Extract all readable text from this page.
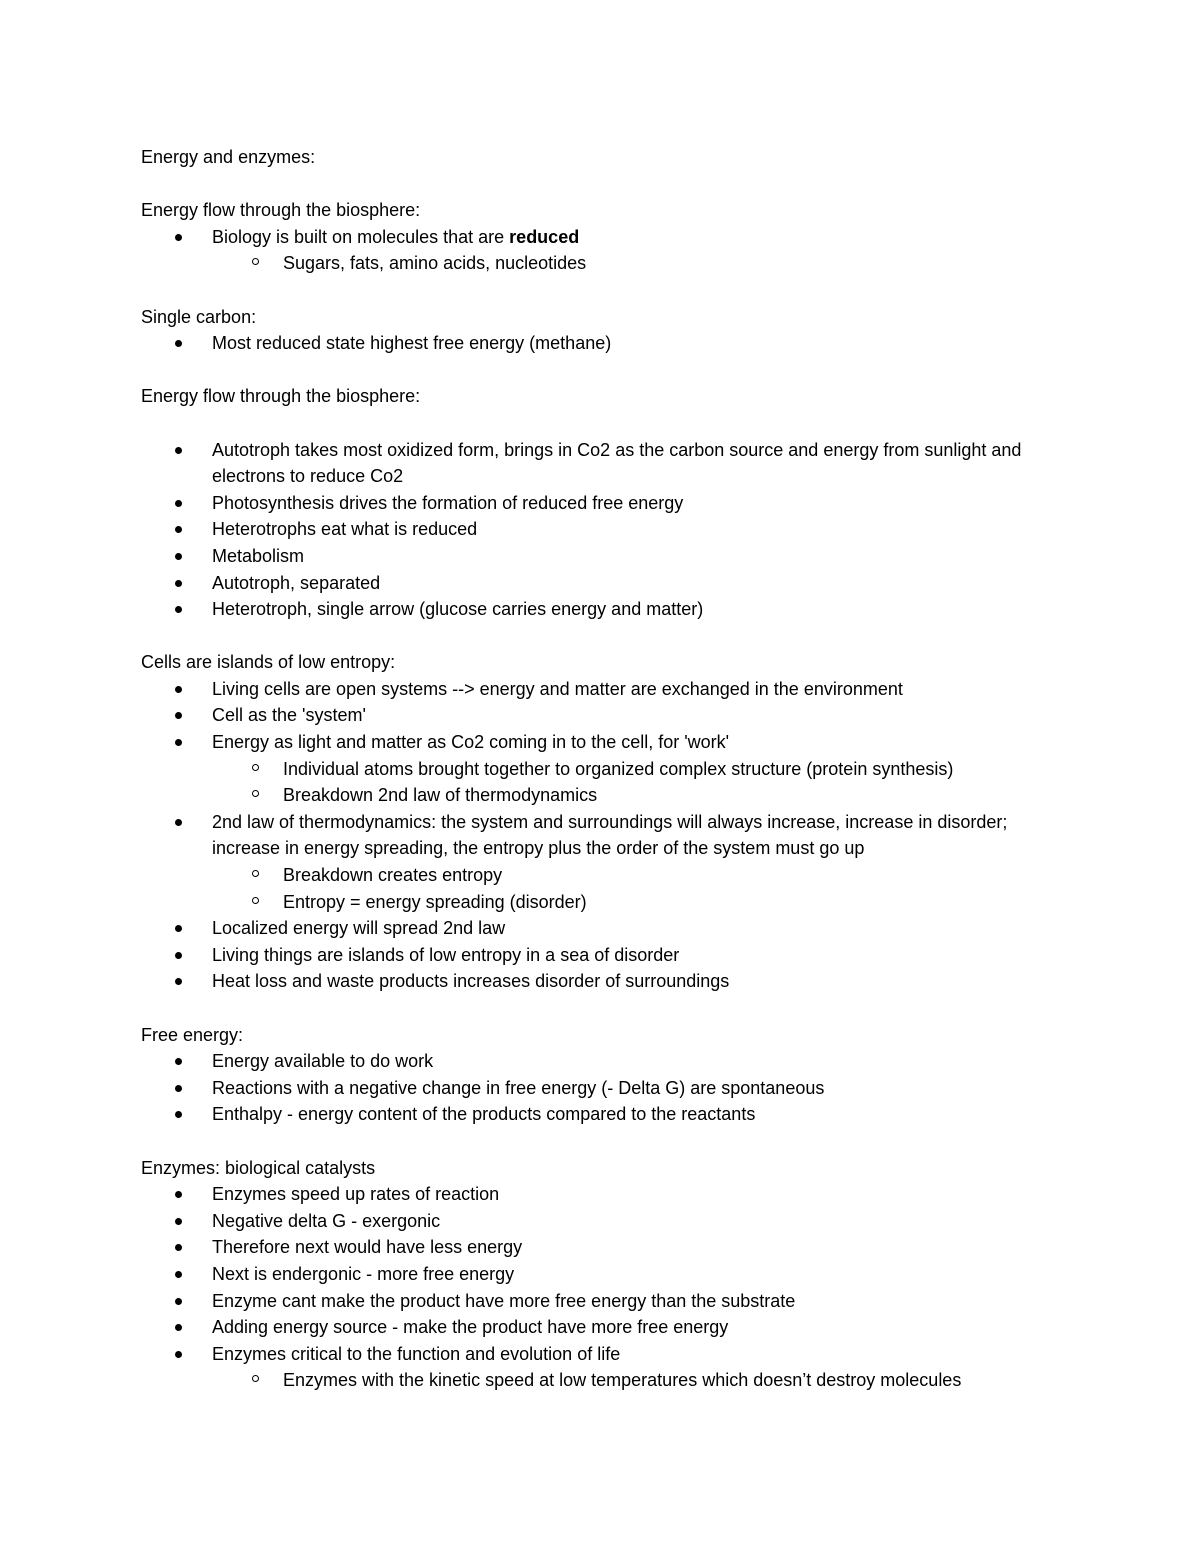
Energy and enzymes:

Energy flow through the biosphere:

Biology is built on molecules that are reduced
Sugars, fats, amino acids, nucleotides

Single carbon:

Most reduced state highest free energy (methane)

Energy flow through the biosphere:

Autotroph takes most oxidized form, brings in Co2 as the carbon source and energy from sunlight and electrons to reduce Co2
Photosynthesis drives the formation of reduced free energy
Heterotrophs eat what is reduced
Metabolism
Autotroph, separated
Heterotroph, single arrow (glucose carries energy and matter)

Cells are islands of low entropy:

Living cells are open systems --> energy and matter are exchanged in the environment
Cell as the 'system'
Energy as light and matter as Co2 coming in to the cell, for 'work'
Individual atoms brought together to organized complex structure (protein synthesis)
Breakdown 2nd law of thermodynamics
2nd law of thermodynamics: the system and surroundings will always increase, increase in disorder; increase in energy spreading, the entropy plus the order of the system must go up
Breakdown creates entropy
Entropy = energy spreading (disorder)
Localized energy will spread 2nd law
Living things are islands of low entropy in a sea of disorder
Heat loss and waste products increases disorder of surroundings

Free energy:

Energy available to do work
Reactions with a negative change in free energy (- Delta G) are spontaneous
Enthalpy - energy content of the products compared to the reactants

Enzymes: biological catalysts

Enzymes speed up rates of reaction
Negative delta G - exergonic
Therefore next would have less energy
Next is endergonic - more free energy
Enzyme cant make the product have more free energy than the substrate
Adding energy source - make the product have more free energy
Enzymes critical to the function and evolution of life
Enzymes with the kinetic speed at low temperatures which doesn’t destroy molecules
